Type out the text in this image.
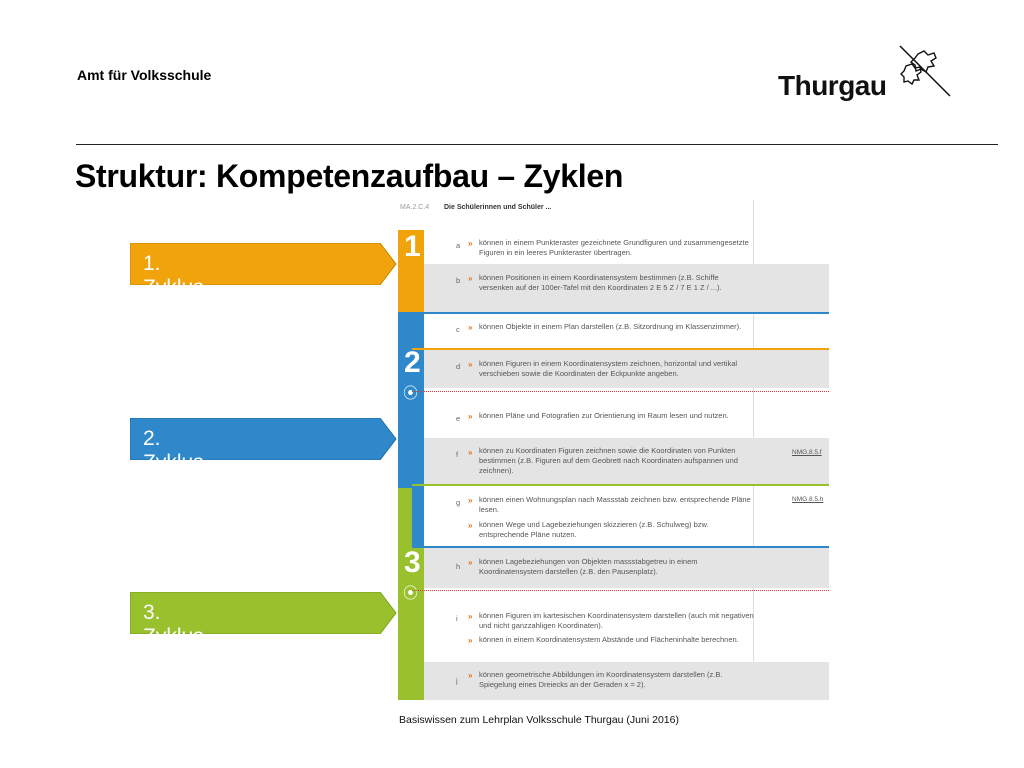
Amt für Volksschule	Thurgau
Struktur: Kompetenzaufbau – Zyklen
1. Zyklus
2. Zyklus
3. Zyklus
MA.2.C.4 Die Schülerinnen und Schüler ...
1
2
⦿
3
⦿
a » können in einem Punkteraster gezeichnete Grundfiguren und zusammengesetzte Figuren in ein leeres Punkteraster übertragen.
b » können Positionen in einem Koordinatensystem bestimmen (z.B. Schiffe versenken auf der 100er-Tafel mit den Koordinaten 2 E 5 Z / 7 E 1 Z / ...).
c » können Objekte in einem Plan darstellen (z.B. Sitzordnung im Klassenzimmer).
d » können Figuren in einem Koordinatensystem zeichnen, horizontal und vertikal verschieben sowie die Koordinaten der Eckpunkte angeben.
e » können Pläne und Fotografien zur Orientierung im Raum lesen und nutzen.
f » können zu Koordinaten Figuren zeichnen sowie die Koordinaten von Punkten bestimmen (z.B. Figuren auf dem Geobrett nach Koordinaten aufspannen und zeichnen).
NMG.8.5.f
g » können einen Wohnungsplan nach Massstab zeichnen bzw. entsprechende Pläne lesen.
» können Wege und Lagebeziehungen skizzieren (z.B. Schulweg) bzw. entsprechende Pläne nutzen.
NMG.8.5.h
h » können Lagebeziehungen von Objekten massstabgetreu in einem Koordinatensystem darstellen (z.B. den Pausenplatz).
i » können Figuren im kartesischen Koordinatensystem darstellen (auch mit negativen und nicht ganzzahligen Koordinaten).
» können in einem Koordinatensystem Abstände und Flächeninhalte berechnen.
j
» können geometrische Abbildungen im Koordinatensystem darstellen (z.B. Spiegelung eines Dreiecks an der Geraden x = 2).
Basiswissen zum Lehrplan Volksschule Thurgau (Juni 2016)
